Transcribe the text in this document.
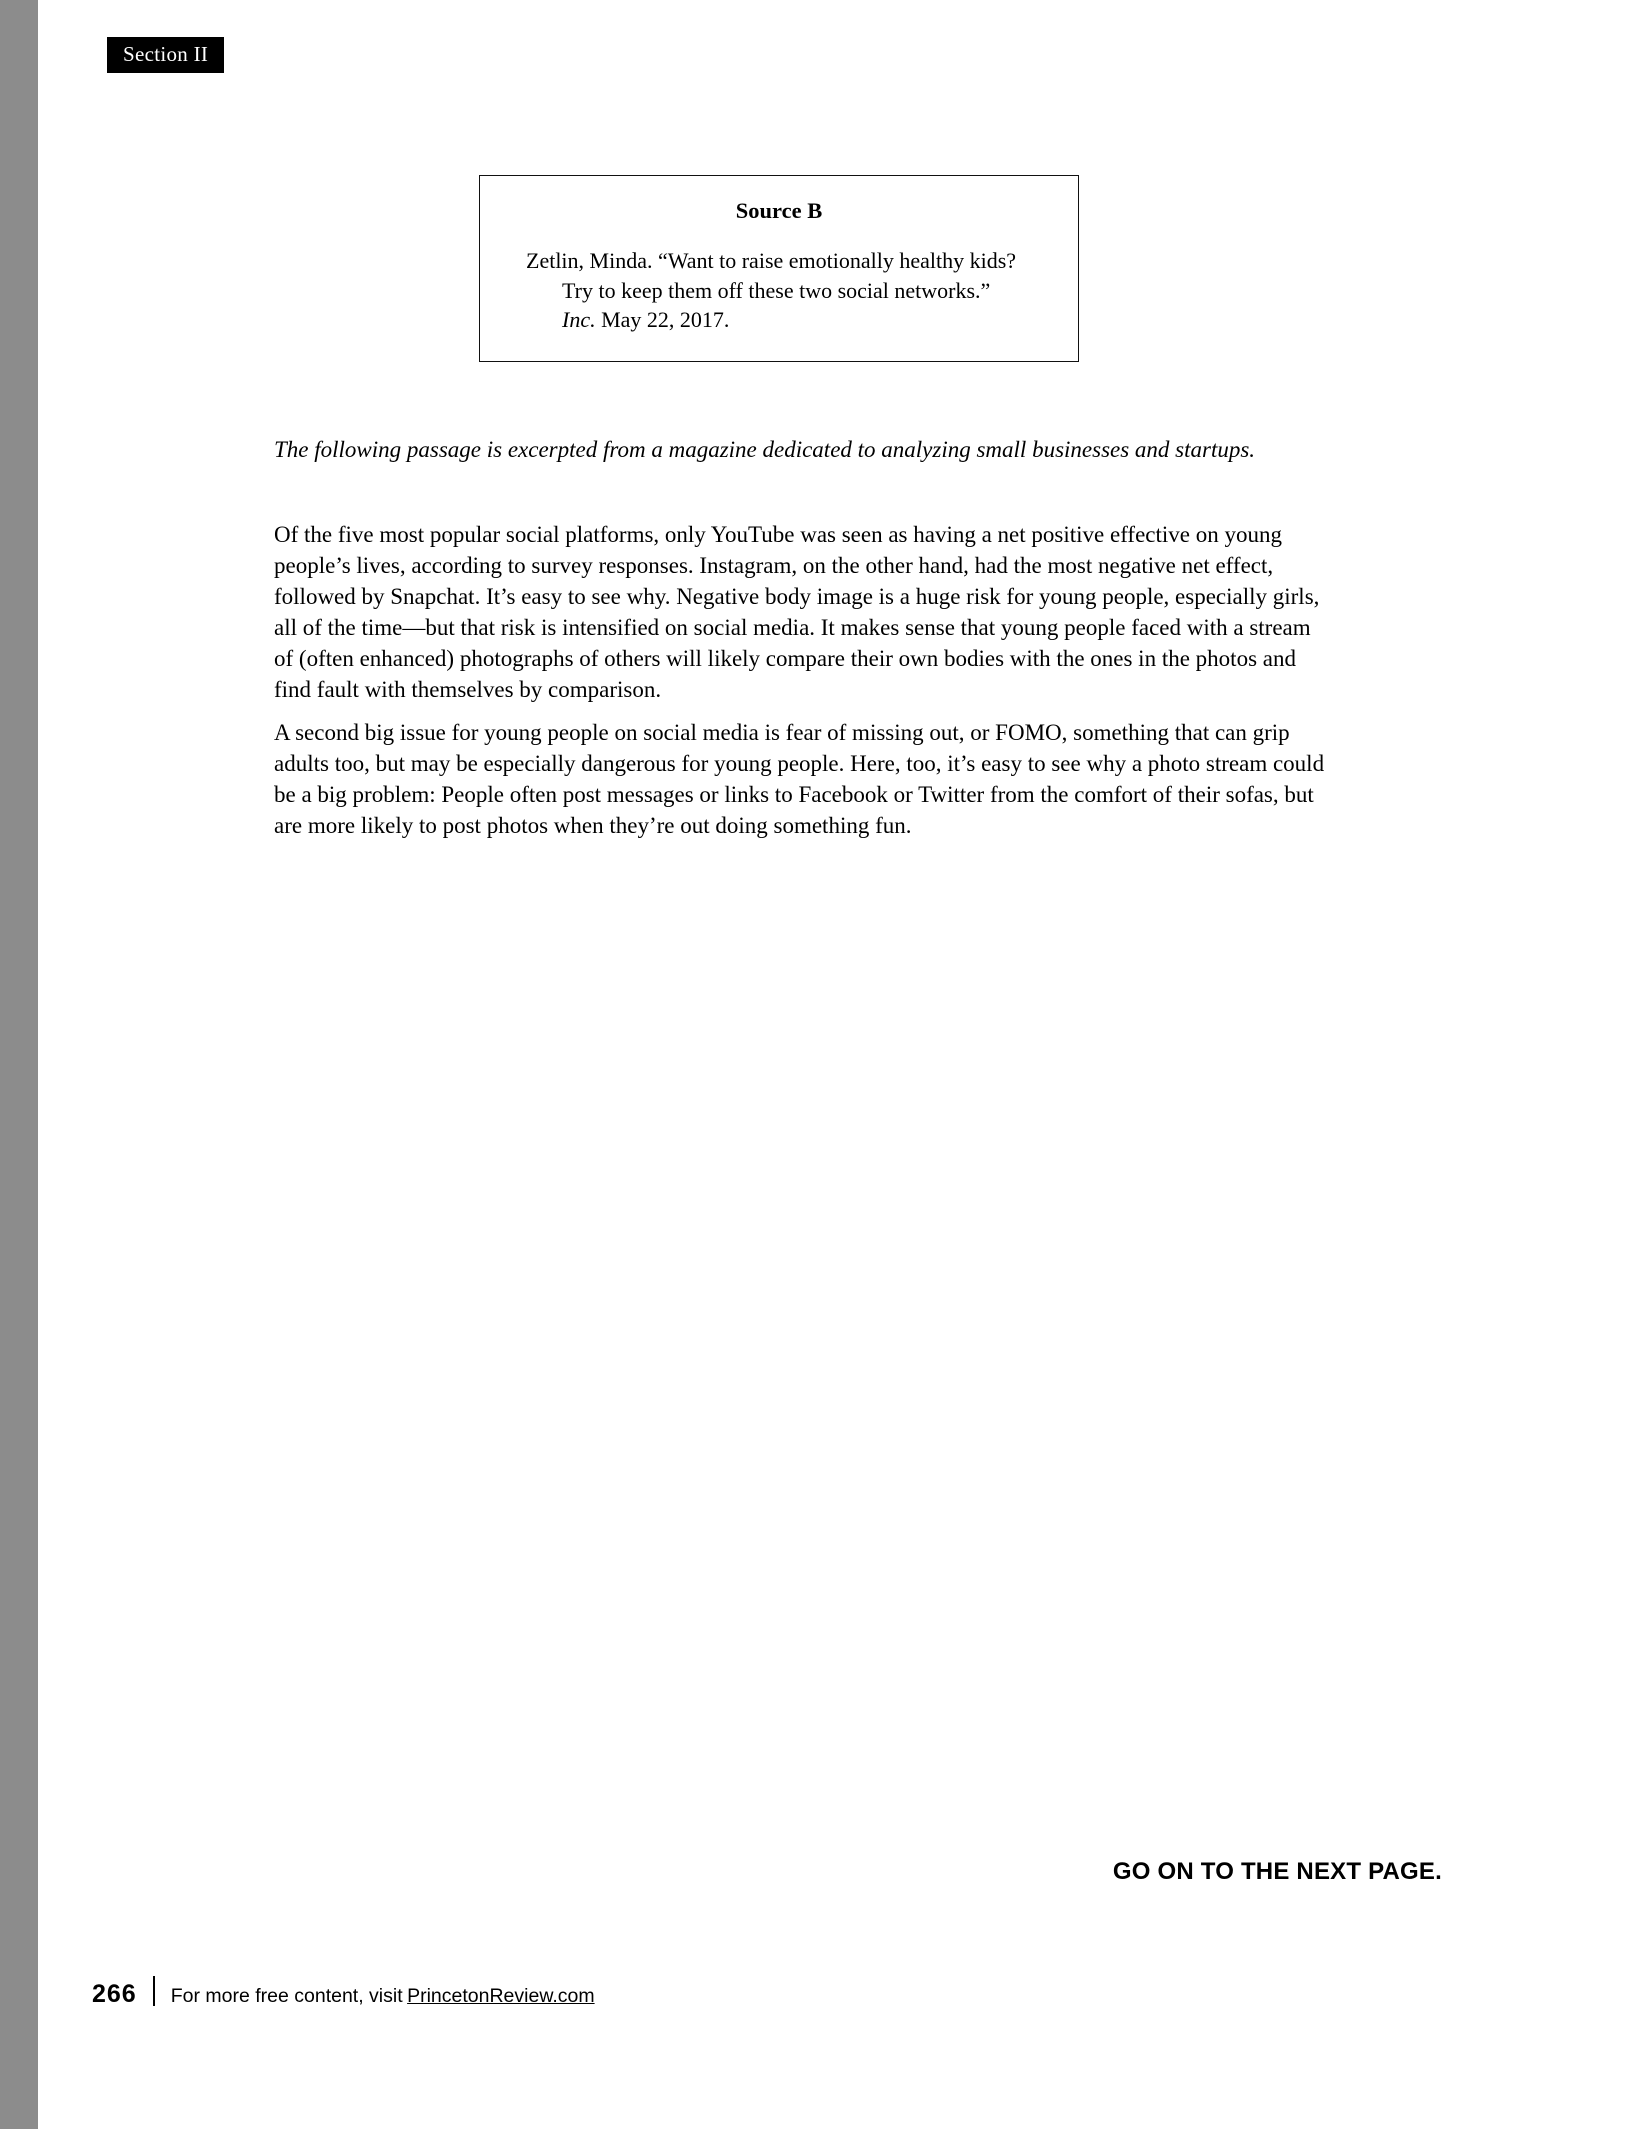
Section II
Source B
Zetlin, Minda. “Want to raise emotionally healthy kids?
Try to keep them off these two social networks.”
Inc. May 22, 2017.
The following passage is excerpted from a magazine dedicated to analyzing small businesses and startups.
Of the five most popular social platforms, only YouTube was seen as having a net positive effective on young people’s lives, according to survey responses. Instagram, on the other hand, had the most negative net effect, followed by Snapchat. It’s easy to see why. Negative body image is a huge risk for young people, especially girls, all of the time—but that risk is intensified on social media. It makes sense that young people faced with a stream of (often enhanced) photographs of others will likely compare their own bodies with the ones in the photos and find fault with themselves by comparison.
A second big issue for young people on social media is fear of missing out, or FOMO, something that can grip adults too, but may be especially dangerous for young people. Here, too, it’s easy to see why a photo stream could be a big problem: People often post messages or links to Facebook or Twitter from the comfort of their sofas, but are more likely to post photos when they’re out doing something fun.
GO ON TO THE NEXT PAGE.
266 For more free content, visit
PrincetonReview.com
